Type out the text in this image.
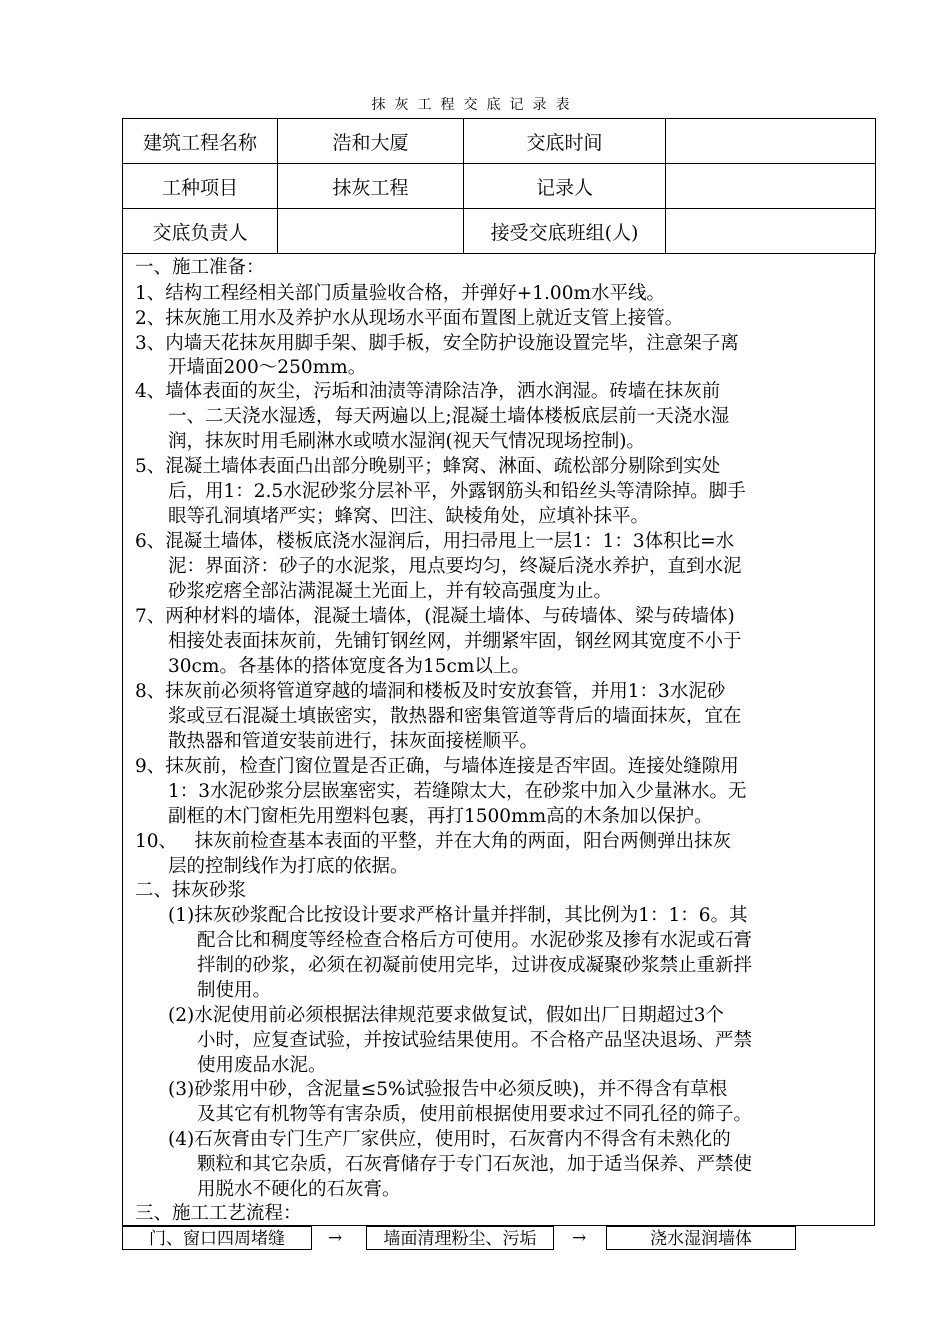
抹灰工程交底记录表
建筑工程名称	浩和大厦	交底时间	
工种项目	抹灰工程	记录人	
交底负责人		接受交底班组(人)	
一、施工准备：
1、结构工程经相关部门质量验收合格，并弹好+1.00m水平线。
2、抹灰施工用水及养护水从现场水平面布置图上就近支管上接管。
3、内墙天花抹灰用脚手架、脚手板，安全防护设施设置完毕，注意架子离
开墙面200～250mm。
4、墙体表面的灰尘，污垢和油渍等清除洁净，洒水润湿。砖墙在抹灰前
一、二天浇水湿透，每天两遍以上;混凝土墙体楼板底层前一天浇水湿
润，抹灰时用毛刷淋水或喷水湿润(视天气情况现场控制)。
5、混凝土墙体表面凸出部分晚剔平；蜂窝、淋面、疏松部分剔除到实处
后，用1：2.5水泥砂浆分层补平，外露钢筋头和铅丝头等清除掉。脚手
眼等孔洞填堵严实；蜂窝、凹注、缺棱角处，应填补抹平。
6、混凝土墙体，楼板底浇水湿润后，用扫帚甩上一层1：1：3体积比=水
泥：界面济：砂子的水泥浆，甩点要均匀，终凝后浇水养护，直到水泥
砂浆疙瘩全部沾满混凝土光面上，并有较高强度为止。
7、两种材料的墙体，混凝土墙体，(混凝土墙体、与砖墙体、梁与砖墙体)
相接处表面抹灰前，先铺钉钢丝网，并绷紧牢固，钢丝网其宽度不小于
30cm。各基体的搭体宽度各为15cm以上。
8、抹灰前必须将管道穿越的墙洞和楼板及时安放套管，并用1：3水泥砂
浆或豆石混凝土填嵌密实，散热器和密集管道等背后的墙面抹灰，宜在
散热器和管道安装前进行，抹灰面接槎顺平。
9、抹灰前，检查门窗位置是否正确，与墙体连接是否牢固。连接处缝隙用
1：3水泥砂浆分层嵌塞密实，若缝隙太大，在砂浆中加入少量淋水。无
副框的木门窗柜先用塑料包裹，再打1500mm高的木条加以保护。
10、   抹灰前检查基本表面的平整，并在大角的两面，阳台两侧弹出抹灰
层的控制线作为打底的依据。
二、抹灰砂浆
(1)抹灰砂浆配合比按设计要求严格计量并拌制，其比例为1：1：6。其
配合比和稠度等经检查合格后方可使用。水泥砂浆及掺有水泥或石膏
拌制的砂浆，必须在初凝前使用完毕，过讲夜成凝聚砂浆禁止重新拌
制使用。
(2)水泥使用前必须根据法律规范要求做复试，假如出厂日期超过3个
小时，应复查试验，并按试验结果使用。不合格产品坚决退场、严禁
使用废品水泥。
(3)砂浆用中砂，含泥量≤5%试验报告中必须反映)，并不得含有草根
及其它有机物等有害杂质，使用前根据使用要求过不同孔径的筛子。
(4)石灰膏由专门生产厂家供应，使用时，石灰膏内不得含有未熟化的
颗粒和其它杂质，石灰膏储存于专门石灰池，加于适当保养、严禁使
用脱水不硬化的石灰膏。
三、施工工艺流程：
门、窗口四周堵缝	→	墙面清理粉尘、污垢	→	浇水湿润墙体
